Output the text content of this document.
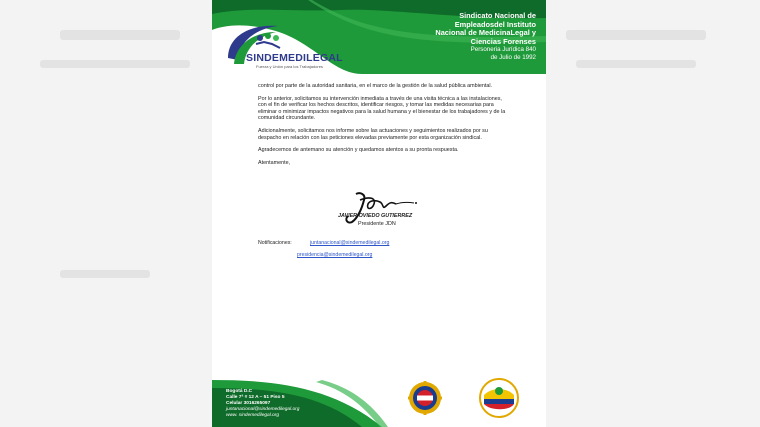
Sindicato Nacional de
Empleadosdel Instituto
Nacional de MedicinaLegal y
Ciencias Forenses
Personeria Jurídica 840
de Julio de 1992
SINDEMEDILEGAL
Fuerza y Unión para los Trabajadores

control por parte de la autoridad sanitaria, en el marco de la gestión de la salud pública ambiental.

Por lo anterior, solicitamos su intervención inmediata a través de una visita técnica a las instalaciones, con el fin de verificar los hechos descritos, identificar riesgos, y tomar las medidas necesarias para eliminar o minimizar impactos negativos para la salud humana y el bienestar de los trabajadores y de la comunidad circundante.

Adicionalmente, solicitamos nos informe sobre las actuaciones y seguimientos realizados por su despacho en relación con las peticiones elevadas previamente por esta organización sindical.

Agradecemos de antemano su atención y quedamos atentos a su pronta respuesta.

Atentamente,

JAVIER OVIEDO GUTIERREZ
Presidente JDN
Notificaciones:	juntanacional@sindemedilegal.org
presidencia@sindemedilegal.org
Bogotá D.C
Calle 7ª # 12 A – 51 Piso 5
Celular 3016265097
juntanacional@sindemedilegal.org
www. sindemedilegal.org
